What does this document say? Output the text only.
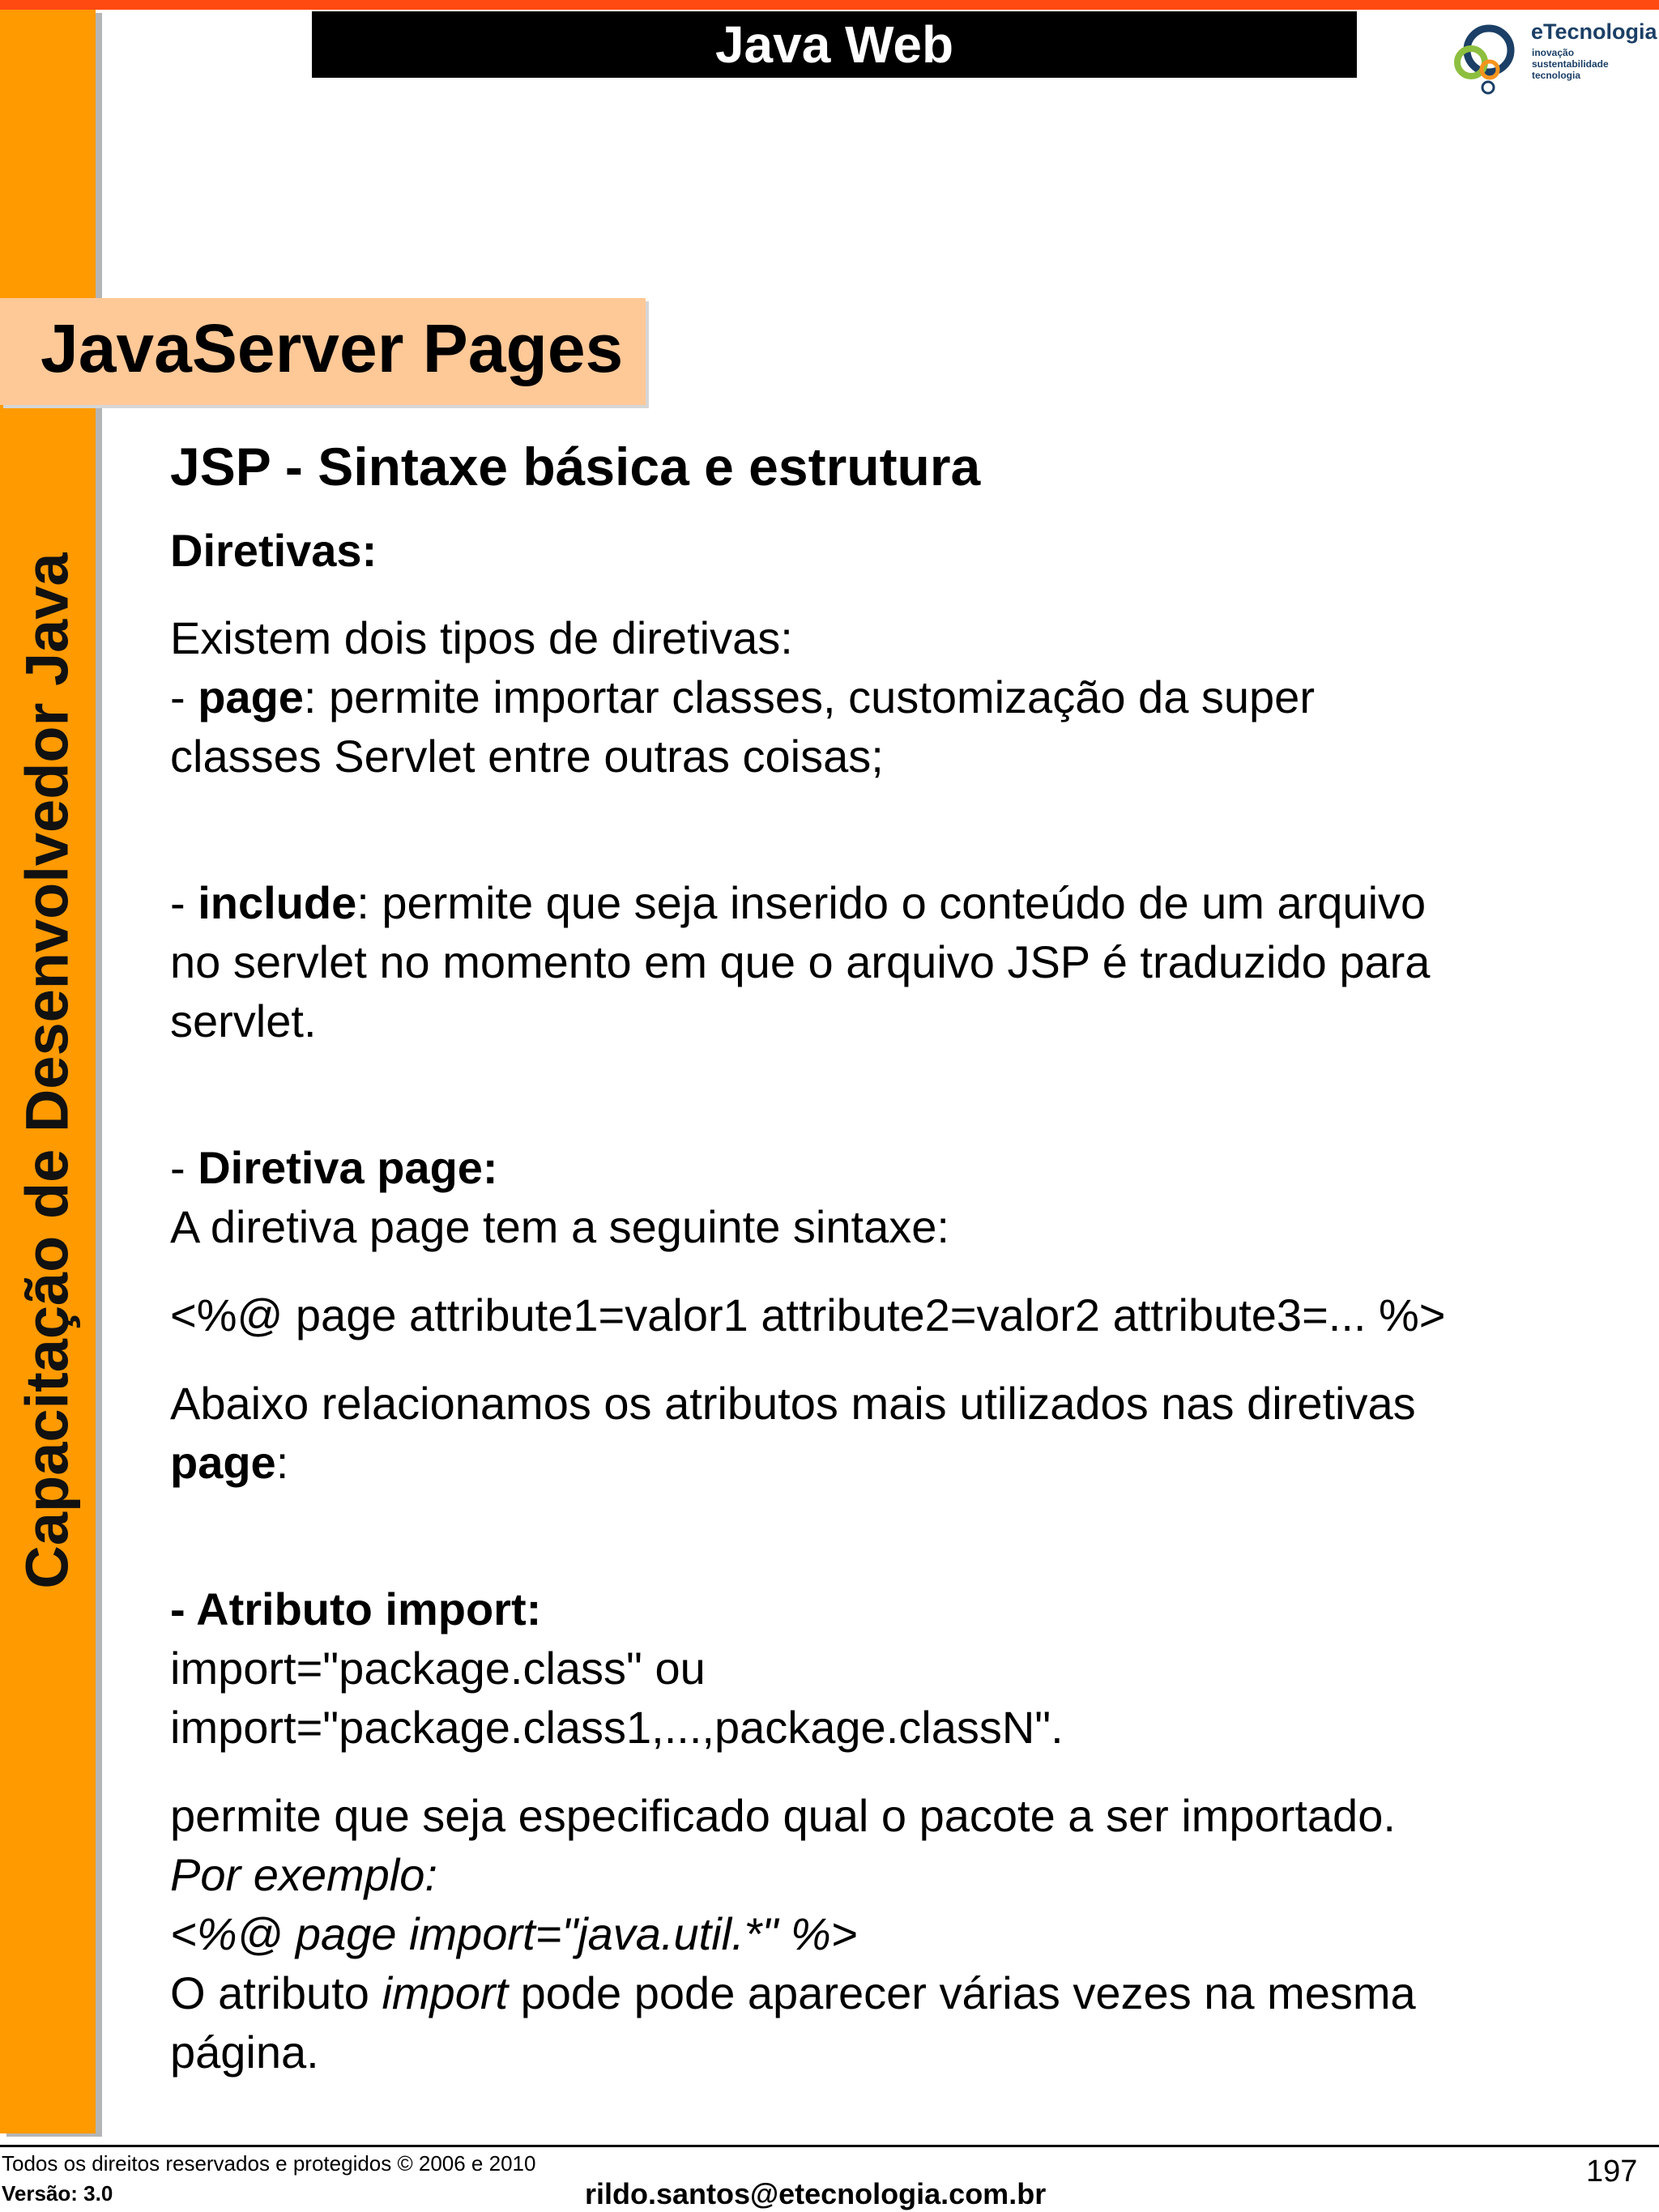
Capacitação de Desenvolvedor Java
Java Web	eTecnologia
inovação
sustentabilidade
tecnologia
JavaServer Pages

JSP - Sintaxe básica e estrutura

Diretivas:

Existem dois tipos de diretivas:

- page: permite importar classes, customização da super

classes Servlet entre outras coisas;

- include: permite que seja inserido o conteúdo de um arquivo

no servlet no momento em que o arquivo JSP é traduzido para

servlet.

- Diretiva page:

A diretiva page tem a seguinte sintaxe:

<%@ page attribute1=valor1 attribute2=valor2 attribute3=... %>

Abaixo relacionamos os atributos mais utilizados nas diretivas

page:

- Atributo import:

import="package.class" ou

import="package.class1,...,package.classN".

permite que seja especificado qual o pacote a ser importado.

Por exemplo:

<%@ page import="java.util.*" %>

O atributo import pode pode aparecer várias vezes na mesma

página.

Todos os direitos reservados e protegidos © 2006 e 2010
Versão: 3.0	rildo.santos@etecnologia.com.br
197
